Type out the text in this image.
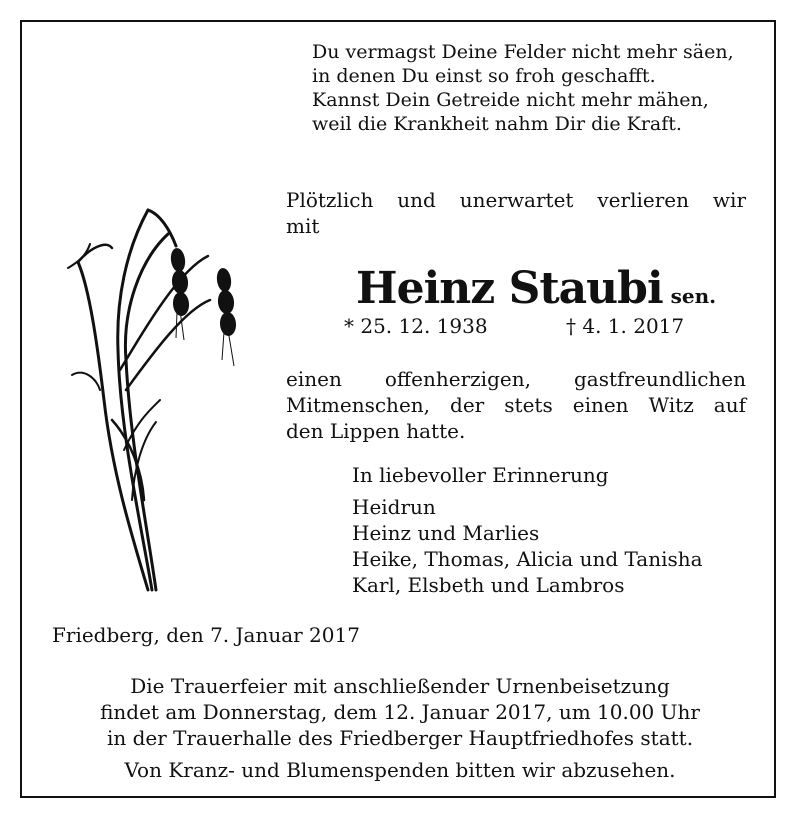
Du vermagst Deine Felder nicht mehr säen,
in denen Du einst so froh geschafft.
Kannst Dein Getreide nicht mehr mähen,
weil die Krankheit nahm Dir die Kraft.
Plötzlich und unerwartet verlieren wir
mit
Heinz Staubi sen.
* 25. 12. 1938	† 4. 1. 2017
einen offenherzigen, gastfreundlichen
Mitmenschen, der stets einen Witz auf
den Lippen hatte.
In liebevoller Erinnerung
Heidrun
Heinz und Marlies
Heike, Thomas, Alicia und Tanisha
Karl, Elsbeth und Lambros
Friedberg, den 7. Januar 2017
Die Trauerfeier mit anschließender Urnenbeisetzung
findet am Donnerstag, dem 12. Januar 2017, um 10.00 Uhr
in der Trauerhalle des Friedberger Hauptfriedhofes statt.
Von Kranz- und Blumenspenden bitten wir abzusehen.
